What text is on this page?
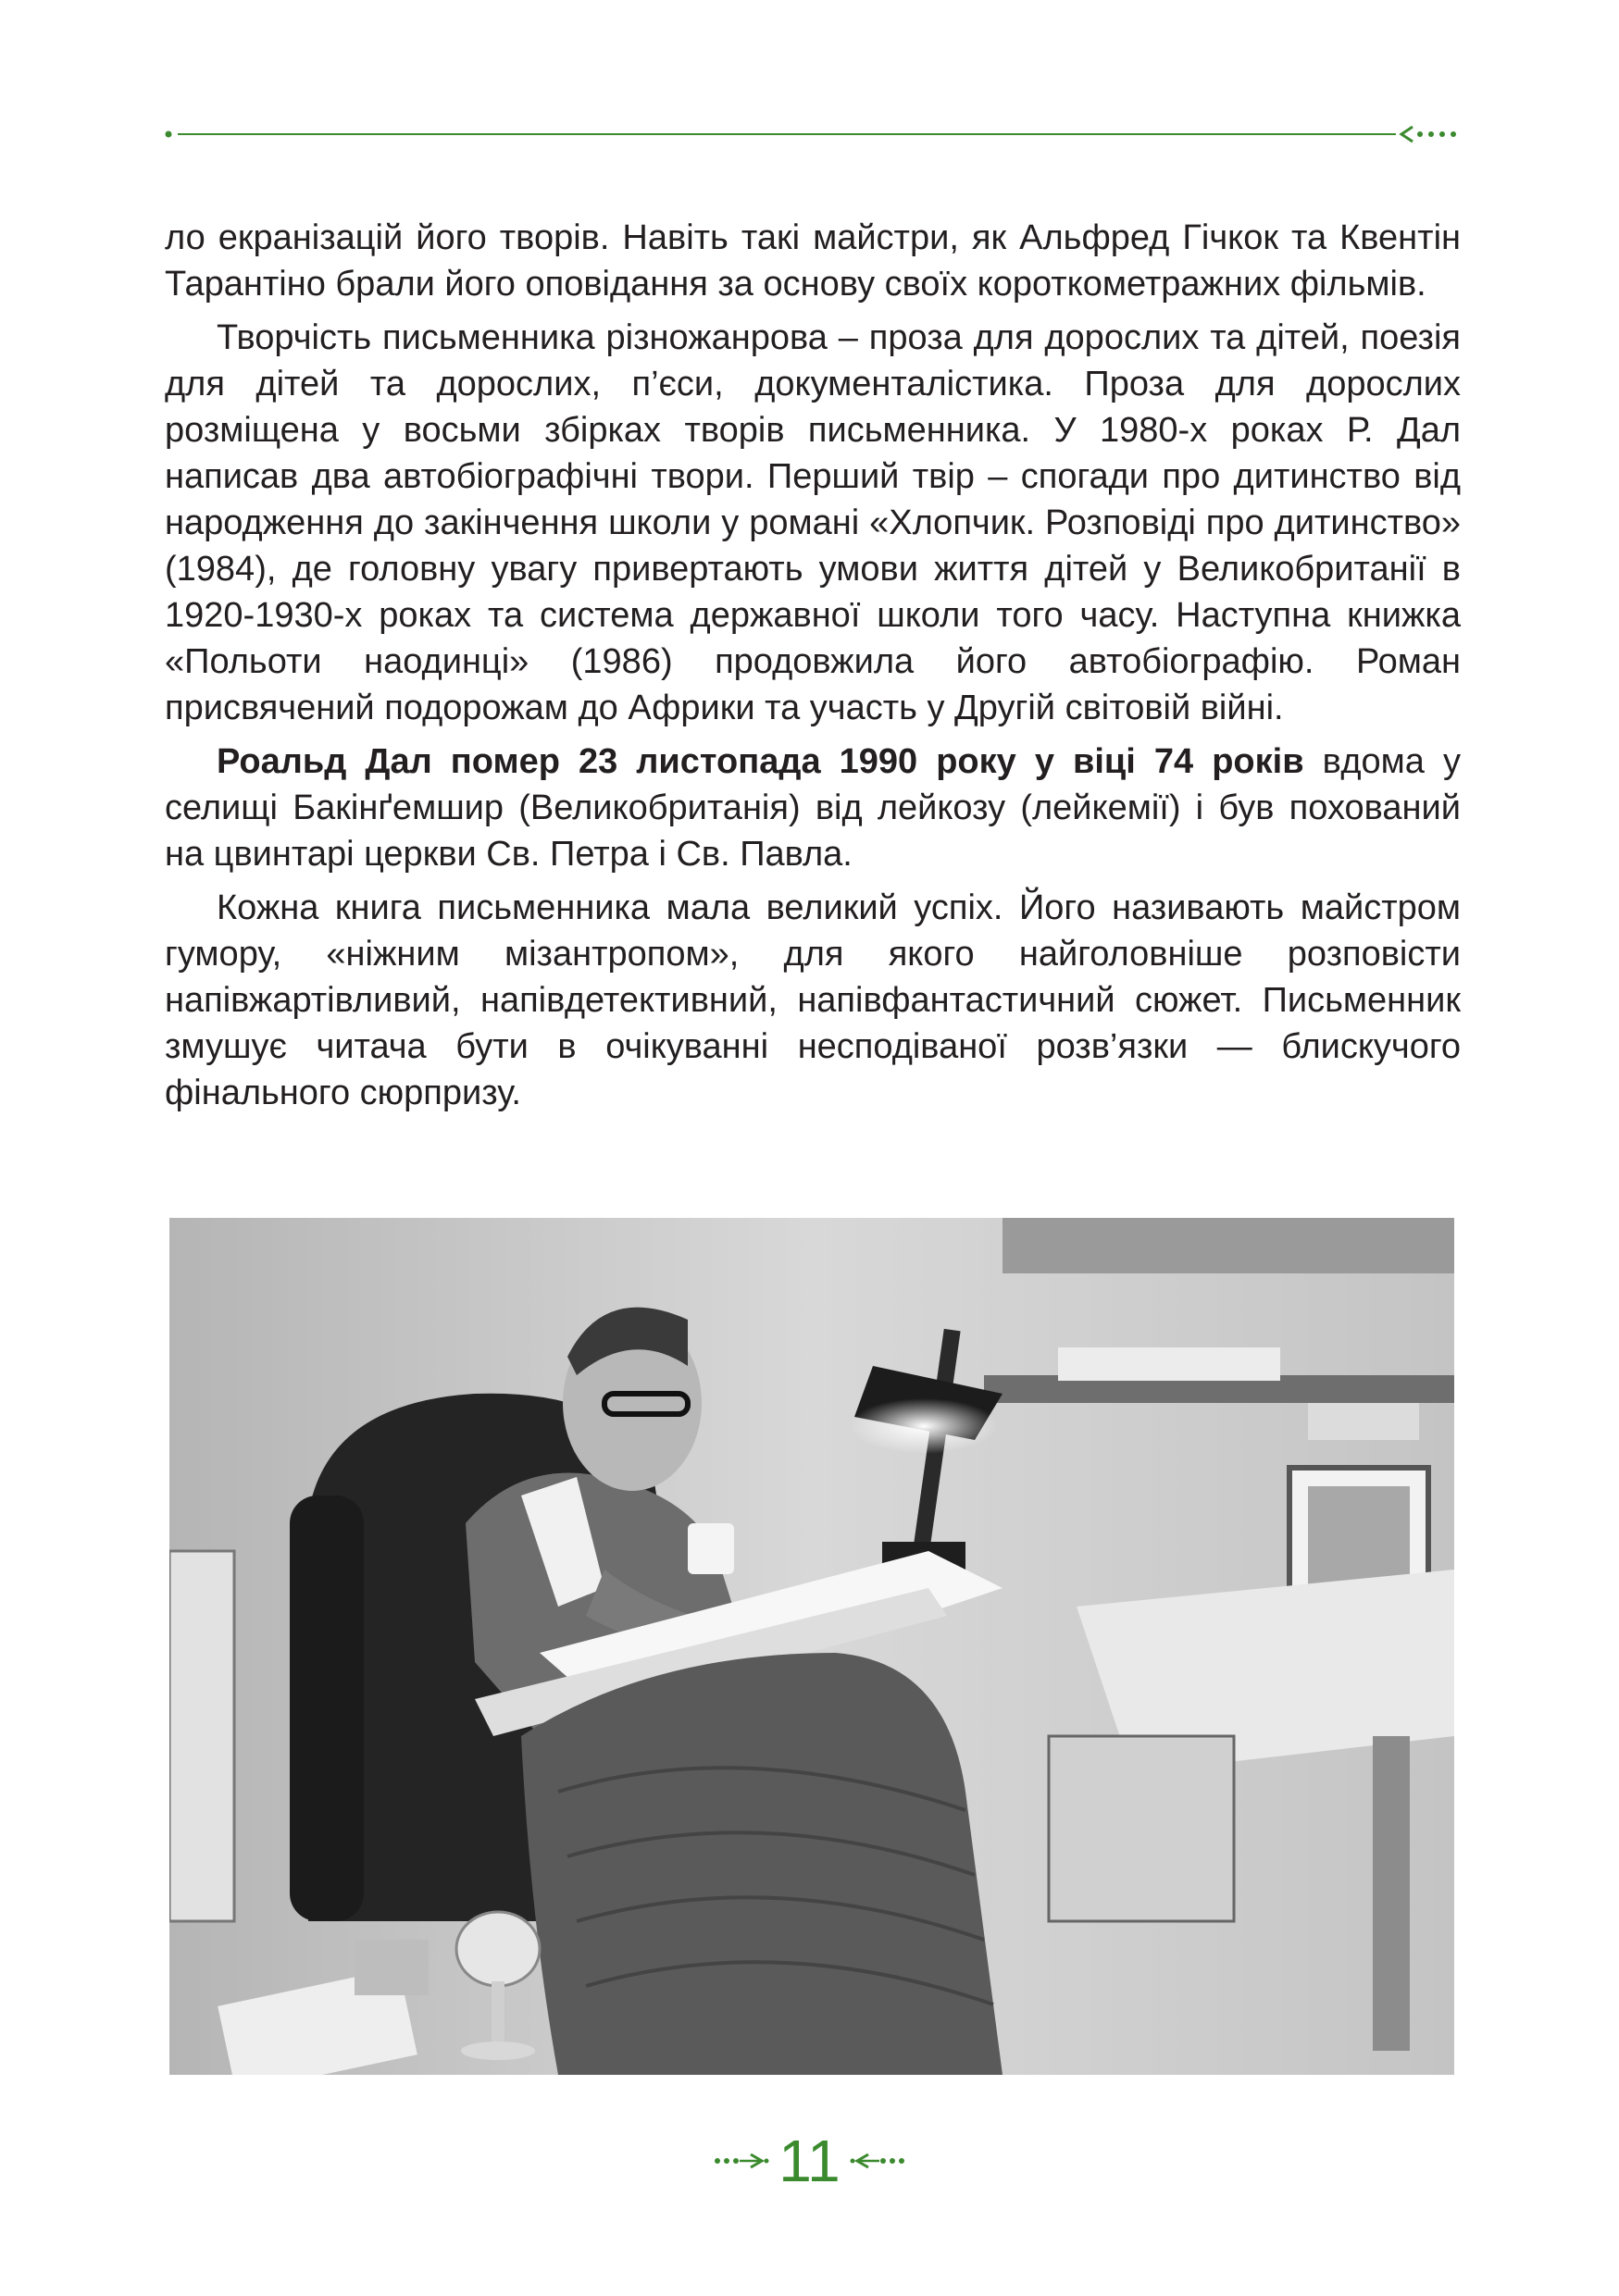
ло екранізацій його творів. Навіть такі майстри, як Альфред Гічкок та Квентін Тарантіно брали його оповідання за основу своїх короткометражних фільмів.

Творчість письменника різножанрова – проза для дорослих та дітей, поезія для дітей та дорослих, п’єси, документалістика. Проза для дорослих розміщена у восьми збірках творів письменника. У 1980-х роках Р. Дал написав два автобіографічні твори. Перший твір – спогади про дитинство від народження до закінчення школи у романі «Хлопчик. Розповіді про дитинство» (1984), де головну увагу привертають умови життя дітей у Великобританії в 1920-1930-х роках та система державної школи того часу. Наступна книжка «Польоти наодинці» (1986) продовжила його автобіографію. Роман присвячений подорожам до Африки та участь у Другій світовій війні.

Роальд Дал помер 23 листопада 1990 року у віці 74 років вдома у селищі Бакінґемшир (Великобританія) від лейкозу (лейкемії) і був похований на цвинтарі церкви Св. Петра і Св. Павла.

Кожна книга письменника мала великий успіх. Його називають майстром гумору, «ніжним мізантропом», для якого найголовніше розповісти напівжартівливий, напівдетективний, напівфантастичний сюжет. Письменник змушує читача бути в очікуванні несподіваної розв’язки — блискучого фінального сюрпризу.

11
